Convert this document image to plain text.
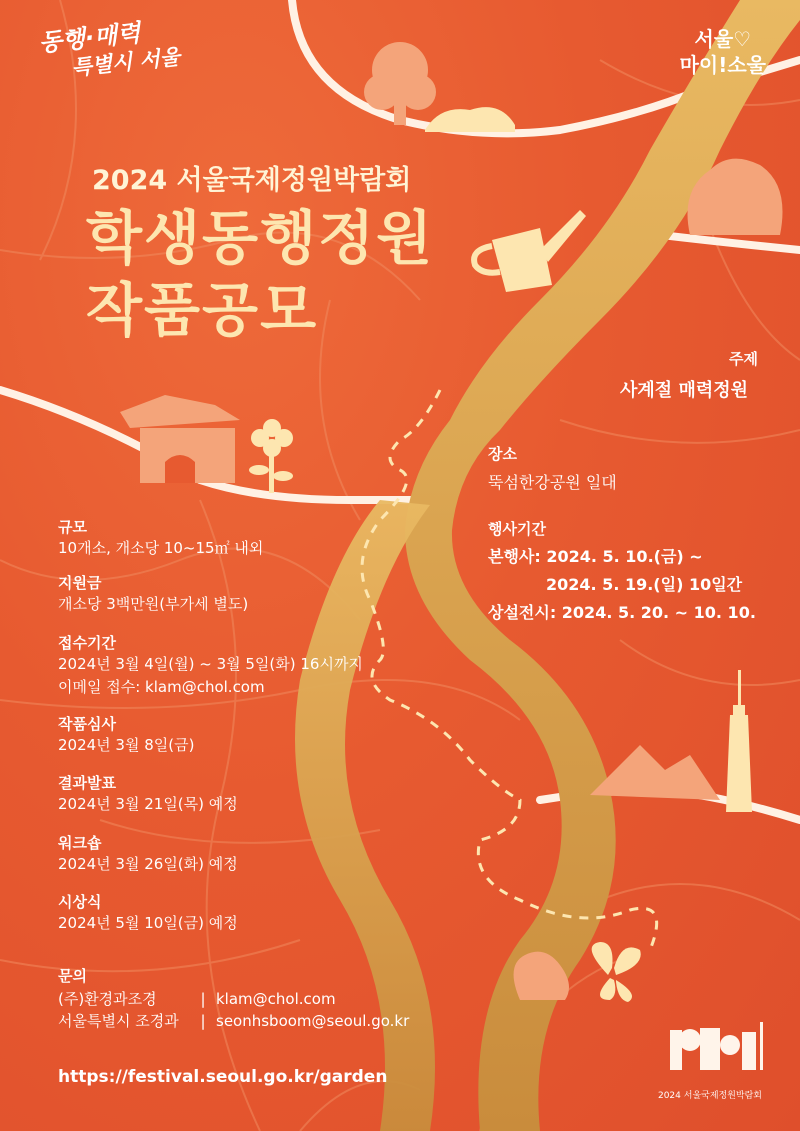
동행·매력
특별시 서울
서울♡
마이!소울
2024 서울국제정원박람회
학생동행정원
작품공모
주제
사계절 매력정원
장소
뚝섬한강공원 일대
행사기간
본행사: 2024. 5. 10.(금) ~
2024. 5. 19.(일) 10일간
상설전시: 2024. 5. 20. ~ 10. 10.
규모
10개소, 개소당 10~15㎡ 내외
지원금
개소당 3백만원(부가세 별도)
접수기간
2024년 3월 4일(월) ~ 3월 5일(화) 16시까지
이메일 접수: klam@chol.com
작품심사
2024년 3월 8일(금)
결과발표
2024년 3월 21일(목) 예정
워크숍
2024년 3월 26일(화) 예정
시상식
2024년 5월 10일(금) 예정
문의
(주)환경과조경	| klam@chol.com
서울특별시 조경과 | seonhsboom@seoul.go.kr
https://festival.seoul.go.kr/garden
2024 서울국제정원박람회
